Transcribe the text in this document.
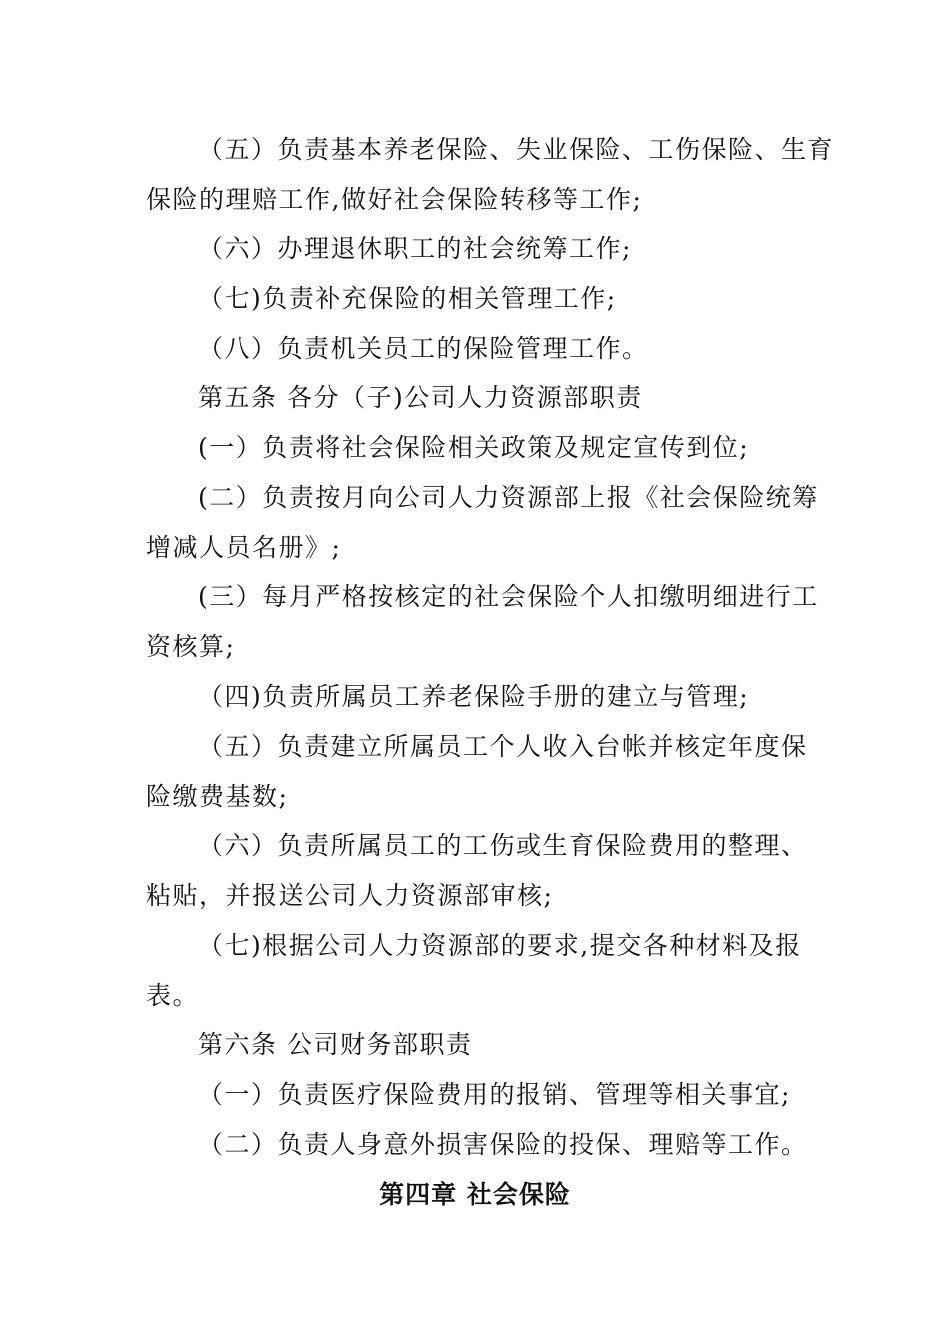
（五）负责基本养老保险、失业保险、工伤保险、生育
保险的理赔工作,做好社会保险转移等工作;
（六）办理退休职工的社会统筹工作;
（七)负责补充保险的相关管理工作;
（八）负责机关员工的保险管理工作。
第五条 各分（子)公司人力资源部职责
(一）负责将社会保险相关政策及规定宣传到位;
(二）负责按月向公司人力资源部上报《社会保险统筹
增减人员名册》;
(三）每月严格按核定的社会保险个人扣缴明细进行工
资核算;
（四)负责所属员工养老保险手册的建立与管理;
（五）负责建立所属员工个人收入台帐并核定年度保
险缴费基数;
（六）负责所属员工的工伤或生育保险费用的整理、
粘贴，并报送公司人力资源部审核;
（七)根据公司人力资源部的要求,提交各种材料及报
表。
第六条 公司财务部职责
（一）负责医疗保险费用的报销、管理等相关事宜;
（二）负责人身意外损害保险的投保、理赔等工作。
第四章 社会保险
